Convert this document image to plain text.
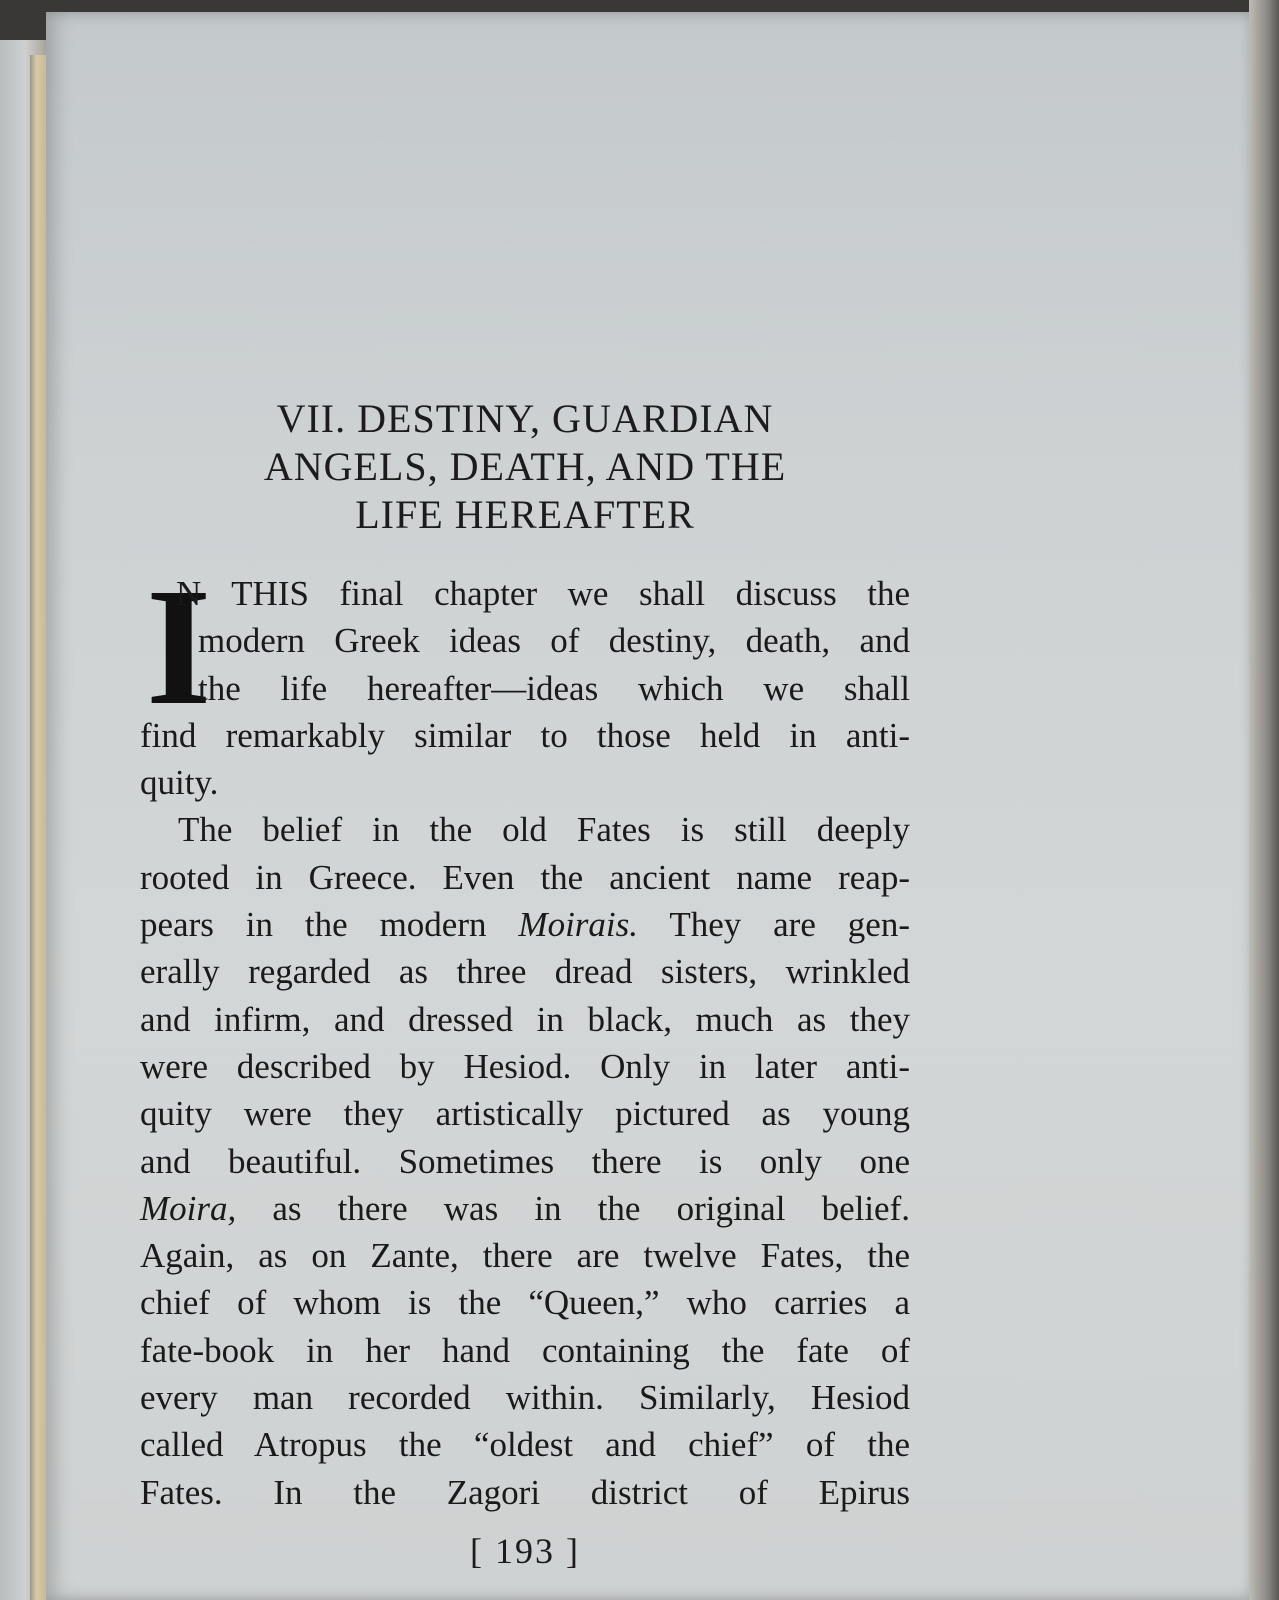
VII. DESTINY, GUARDIAN
ANGELS, DEATH, AND THE
LIFE HEREAFTER
I
N THIS final chapter we shall discuss the
modern Greek ideas of destiny, death, and
the life hereafter—ideas which we shall
find remarkably similar to those held in anti-
quity.
The belief in the old Fates is still deeply
rooted in Greece. Even the ancient name reap-
pears in the modern Moirais. They are gen-
erally regarded as three dread sisters, wrinkled
and infirm, and dressed in black, much as they
were described by Hesiod. Only in later anti-
quity were they artistically pictured as young
and beautiful. Sometimes there is only one
Moira, as there was in the original belief.
Again, as on Zante, there are twelve Fates, the
chief of whom is the “Queen,” who carries a
fate-book in her hand containing the fate of
every man recorded within. Similarly, Hesiod
called Atropus the “oldest and chief” of the
Fates. In the Zagori district of Epirus
[ 193 ]
